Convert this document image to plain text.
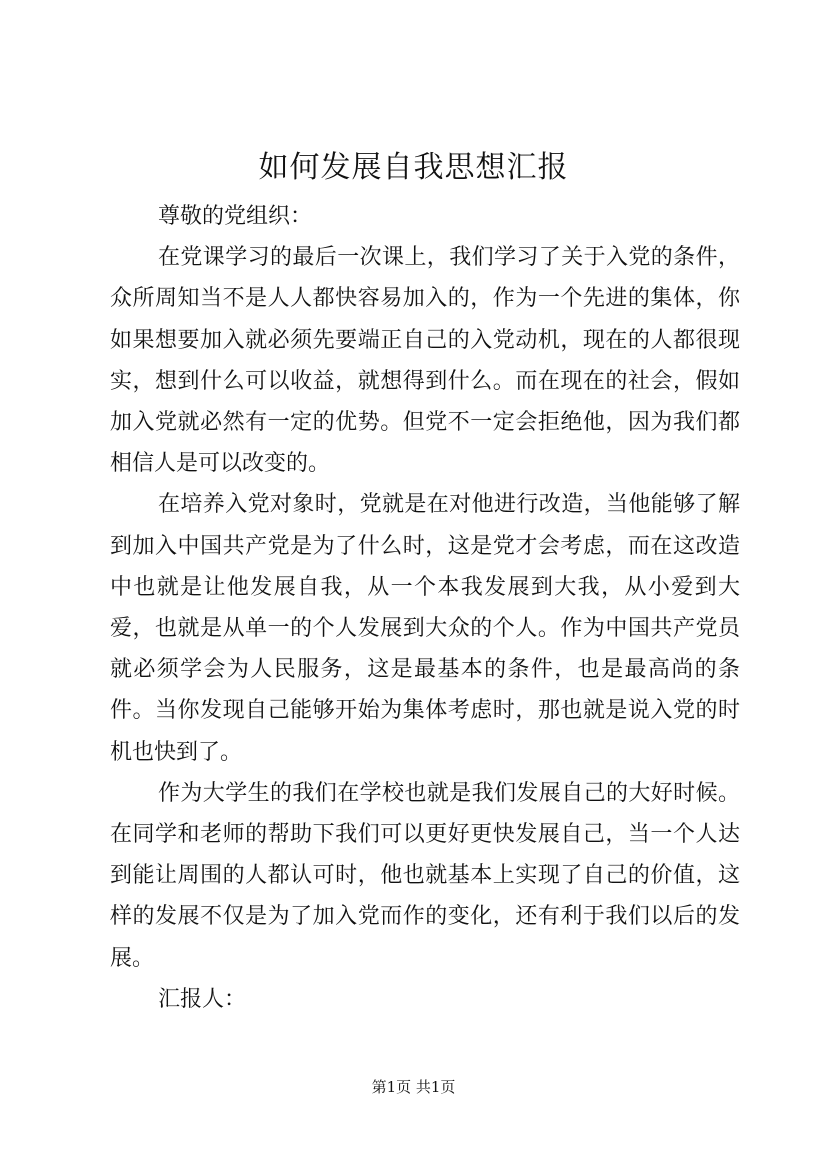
如何发展自我思想汇报

尊敬的党组织：

在党课学习的最后一次课上，我们学习了关于入党的条件，众所周知当不是人人都快容易加入的，作为一个先进的集体，你如果想要加入就必须先要端正自己的入党动机，现在的人都很现实，想到什么可以收益，就想得到什么。而在现在的社会，假如加入党就必然有一定的优势。但党不一定会拒绝他，因为我们都相信人是可以改变的。

在培养入党对象时，党就是在对他进行改造，当他能够了解到加入中国共产党是为了什么时，这是党才会考虑，而在这改造中也就是让他发展自我，从一个本我发展到大我，从小爱到大爱，也就是从单一的个人发展到大众的个人。作为中国共产党员就必须学会为人民服务，这是最基本的条件，也是最高尚的条件。当你发现自己能够开始为集体考虑时，那也就是说入党的时机也快到了。

作为大学生的我们在学校也就是我们发展自己的大好时候。在同学和老师的帮助下我们可以更好更快发展自己，当一个人达到能让周围的人都认可时，他也就基本上实现了自己的价值，这样的发展不仅是为了加入党而作的变化，还有利于我们以后的发展。

汇报人：

第1页 共1页
